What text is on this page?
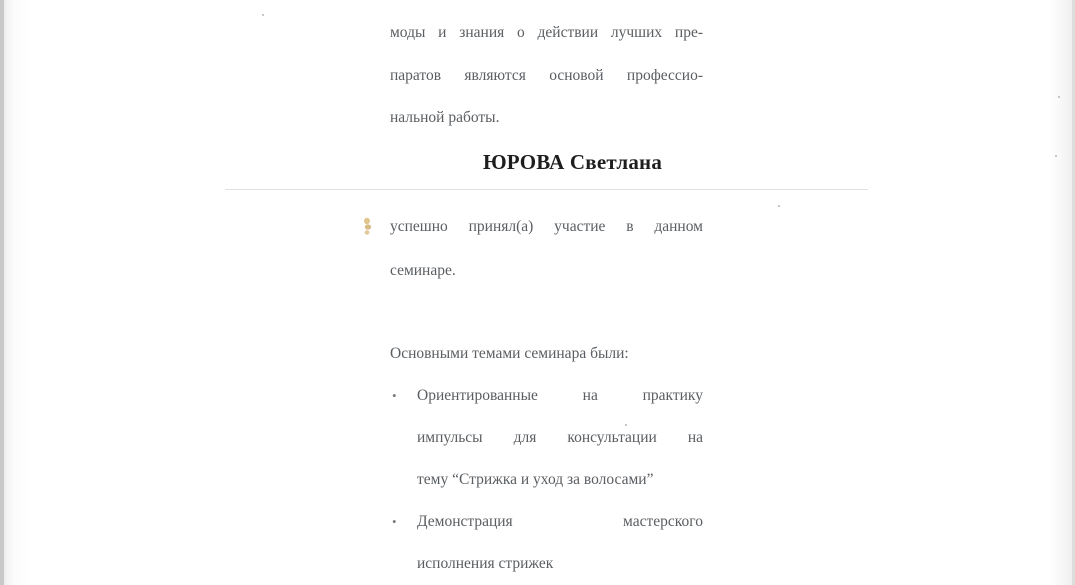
моды и знания о действии лучших пре-
паратов являются основой профессио-
нальной работы.
ЮРОВА Светлана
успешно принял(а) участие в данном
семинаре.
Основными темами семинара были:
• Ориентированные на практику
импульсы для консультации на
тему “Стрижка и уход за волосами”
• Демонстрация мастерского
исполнения стрижек
